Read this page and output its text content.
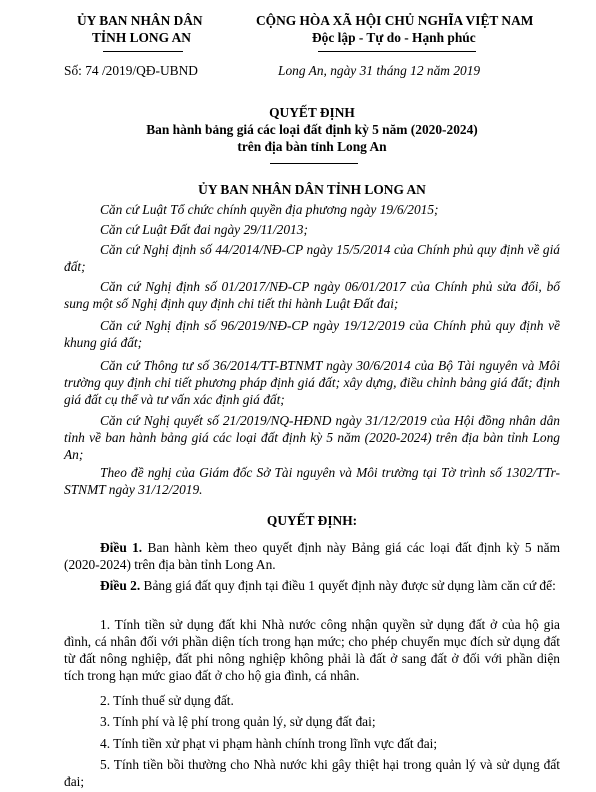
ỦY BAN NHÂN DÂN
TỈNH LONG AN
Số: 74 /2019/QĐ-UBND
CỘNG HÒA XÃ HỘI CHỦ NGHĨA VIỆT NAM
Độc lập - Tự do - Hạnh phúc
Long An, ngày 31 tháng 12 năm 2019
QUYẾT ĐỊNH
Ban hành bảng giá các loại đất định kỳ 5 năm (2020-2024)
trên địa bàn tỉnh Long An
ỦY BAN NHÂN DÂN TỈNH LONG AN
Căn cứ Luật Tổ chức chính quyền địa phương ngày 19/6/2015;
Căn cứ Luật Đất đai ngày 29/11/2013;
Căn cứ Nghị định số 44/2014/NĐ-CP ngày 15/5/2014 của Chính phủ quy định về giá đất;
Căn cứ Nghị định số 01/2017/NĐ-CP ngày 06/01/2017 của Chính phủ sửa đổi, bổ sung một số Nghị định quy định chi tiết thi hành Luật Đất đai;
Căn cứ Nghị định số 96/2019/NĐ-CP ngày 19/12/2019 của Chính phủ quy định về khung giá đất;
Căn cứ Thông tư số 36/2014/TT-BTNMT ngày 30/6/2014 của Bộ Tài nguyên và Môi trường quy định chi tiết phương pháp định giá đất; xây dựng, điều chỉnh bảng giá đất; định giá đất cụ thể và tư vấn xác định giá đất;
Căn cứ Nghị quyết số 21/2019/NQ-HĐND ngày 31/12/2019 của Hội đồng nhân dân tỉnh về ban hành bảng giá các loại đất định kỳ 5 năm (2020-2024) trên địa bàn tỉnh Long An;
Theo đề nghị của Giám đốc Sở Tài nguyên và Môi trường tại Tờ trình số 1302/TTr-STNMT ngày 31/12/2019.
QUYẾT ĐỊNH:
Điều 1. Ban hành kèm theo quyết định này Bảng giá các loại đất định kỳ 5 năm (2020-2024) trên địa bàn tỉnh Long An.
Điều 2. Bảng giá đất quy định tại điều 1 quyết định này được sử dụng làm căn cứ để:
1. Tính tiền sử dụng đất khi Nhà nước công nhận quyền sử dụng đất ở của hộ gia đình, cá nhân đối với phần diện tích trong hạn mức; cho phép chuyển mục đích sử dụng đất từ đất nông nghiệp, đất phi nông nghiệp không phải là đất ở sang đất ở đối với phần diện tích trong hạn mức giao đất ở cho hộ gia đình, cá nhân.
2. Tính thuế sử dụng đất.
3. Tính phí và lệ phí trong quản lý, sử dụng đất đai;
4. Tính tiền xử phạt vi phạm hành chính trong lĩnh vực đất đai;
5. Tính tiền bồi thường cho Nhà nước khi gây thiệt hại trong quản lý và sử dụng đất đai;
